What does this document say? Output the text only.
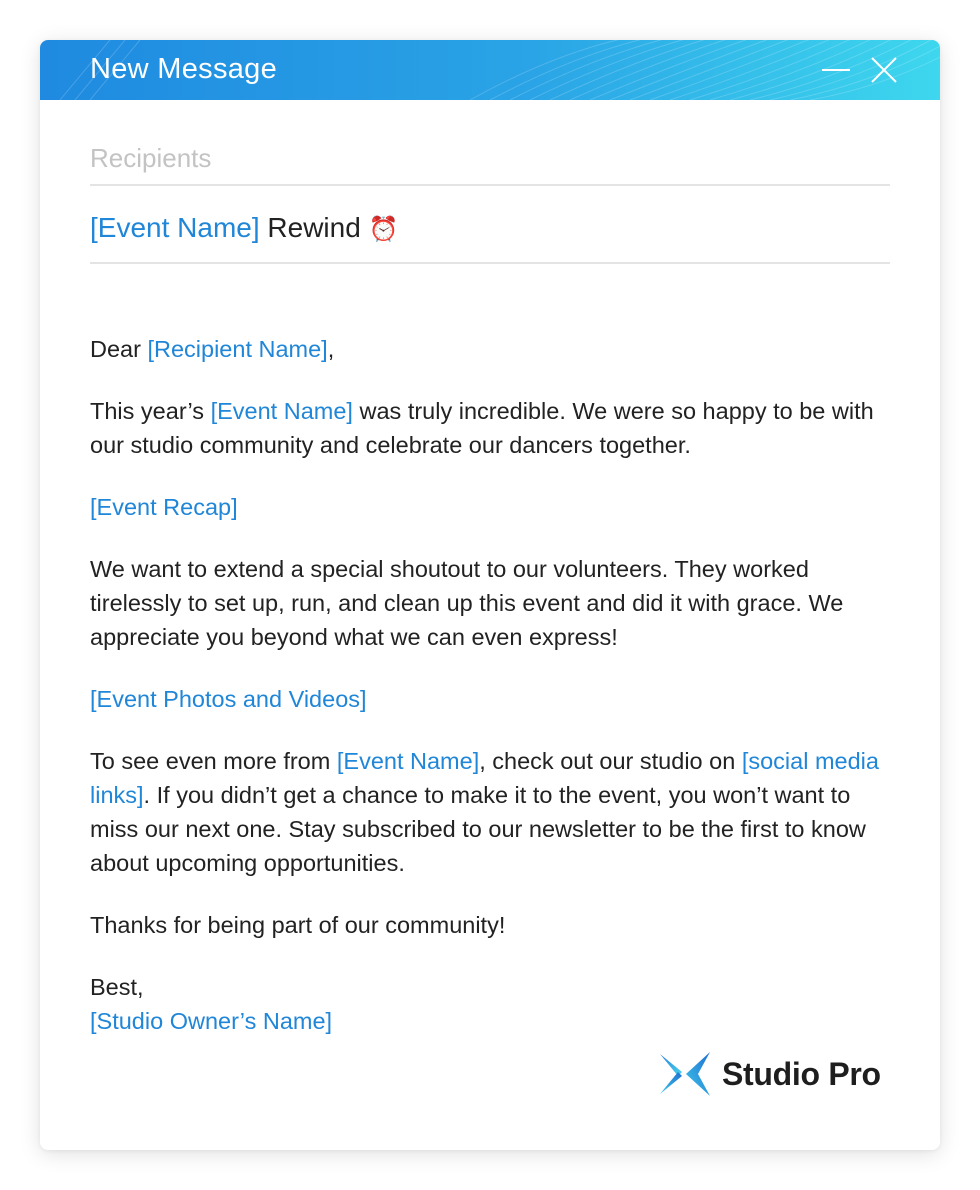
New Message
Recipients
[Event Name] Rewind ⏰

Dear [Recipient Name],

This year’s [Event Name] was truly incredible. We were so happy to be with our studio community and celebrate our dancers together.

[Event Recap]

We want to extend a special shoutout to our volunteers. They worked tirelessly to set up, run, and clean up this event and did it with grace. We appreciate you beyond what we can even express!

[Event Photos and Videos]

To see even more from [Event Name], check out our studio on [social media links]. If you didn’t get a chance to make it to the event, you won’t want to miss our next one. Stay subscribed to our newsletter to be the first to know about upcoming opportunities.

Thanks for being part of our community!

Best,
[Studio Owner’s Name]

Studio Pro
